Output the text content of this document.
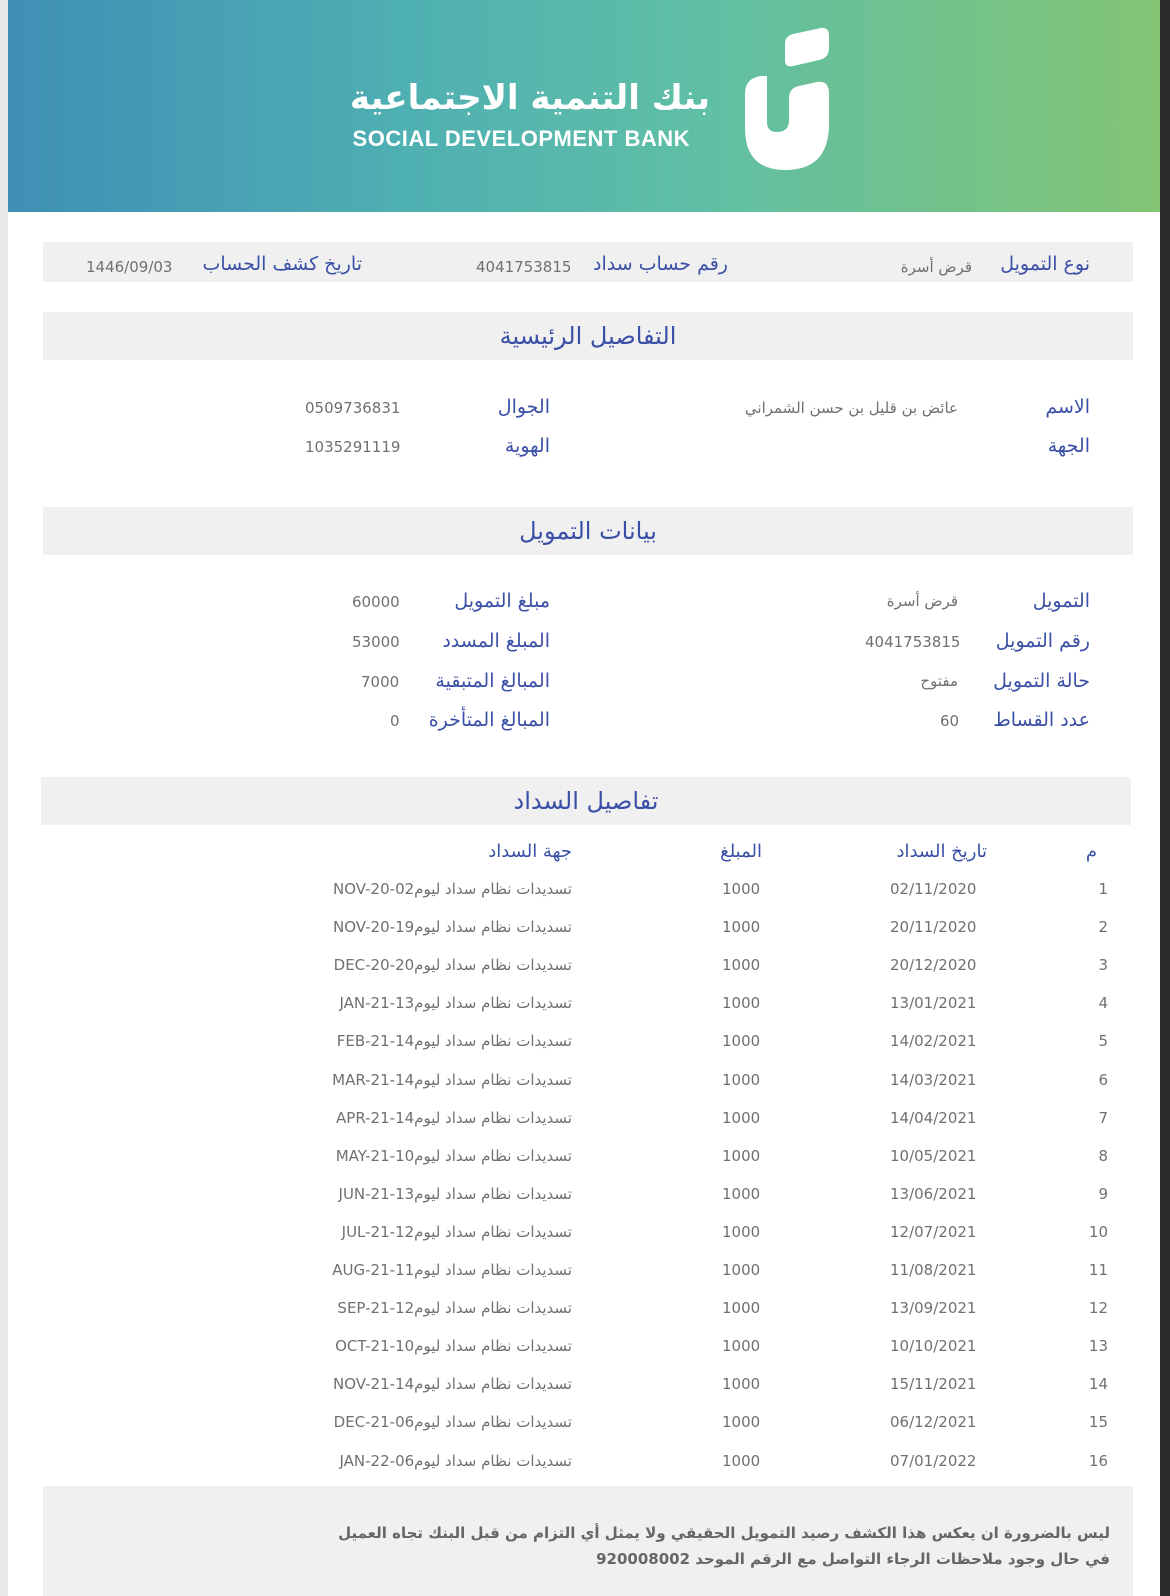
بنك التنمية الاجتماعية
SOCIAL DEVELOPMENT BANK
نوع التمويل
قرض أسرة
رقم حساب سداد
4041753815
تاريخ كشف الحساب
1446/09/03
التفاصيل الرئيسية
الاسم
عائض بن قليل بن حسن الشمراني
الجهة
الجوال
0509736831
الهوية
1035291119
بيانات التمويل
التمويل
قرض أسرة
رقم التمويل
4041753815
حالة التمويل
مفتوح
عدد القساط
60
مبلغ التمويل
60000
المبلغ المسدد
53000
المبالغ المتبقية
7000
المبالغ المتأخرة
0
تفاصيل السداد
م
تاريخ السداد
المبلغ
جهة السداد
1
02/11/2020
1000
NOV-20-تسديدات نظام سداد ليوم02
2
20/11/2020
1000
NOV-20-تسديدات نظام سداد ليوم19
3
20/12/2020
1000
DEC-20-تسديدات نظام سداد ليوم20
4
13/01/2021
1000
JAN-21-تسديدات نظام سداد ليوم13
5
14/02/2021
1000
FEB-21-تسديدات نظام سداد ليوم14
6
14/03/2021
1000
MAR-21-تسديدات نظام سداد ليوم14
7
14/04/2021
1000
APR-21-تسديدات نظام سداد ليوم14
8
10/05/2021
1000
MAY-21-تسديدات نظام سداد ليوم10
9
13/06/2021
1000
JUN-21-تسديدات نظام سداد ليوم13
10
12/07/2021
1000
JUL-21-تسديدات نظام سداد ليوم12
11
11/08/2021
1000
AUG-21-تسديدات نظام سداد ليوم11
12
13/09/2021
1000
SEP-21-تسديدات نظام سداد ليوم12
13
10/10/2021
1000
OCT-21-تسديدات نظام سداد ليوم10
14
15/11/2021
1000
NOV-21-تسديدات نظام سداد ليوم14
15
06/12/2021
1000
DEC-21-تسديدات نظام سداد ليوم06
16
07/01/2022
1000
JAN-22-تسديدات نظام سداد ليوم06
ليس بالضرورة ان يعكس هذا الكشف رصيد التمويل الحقيقي ولا يمثل أي التزام من قبل البنك تجاه العميل
في حال وجود ملاحظات الرجاء التواصل مع الرقم الموحد 920008002
